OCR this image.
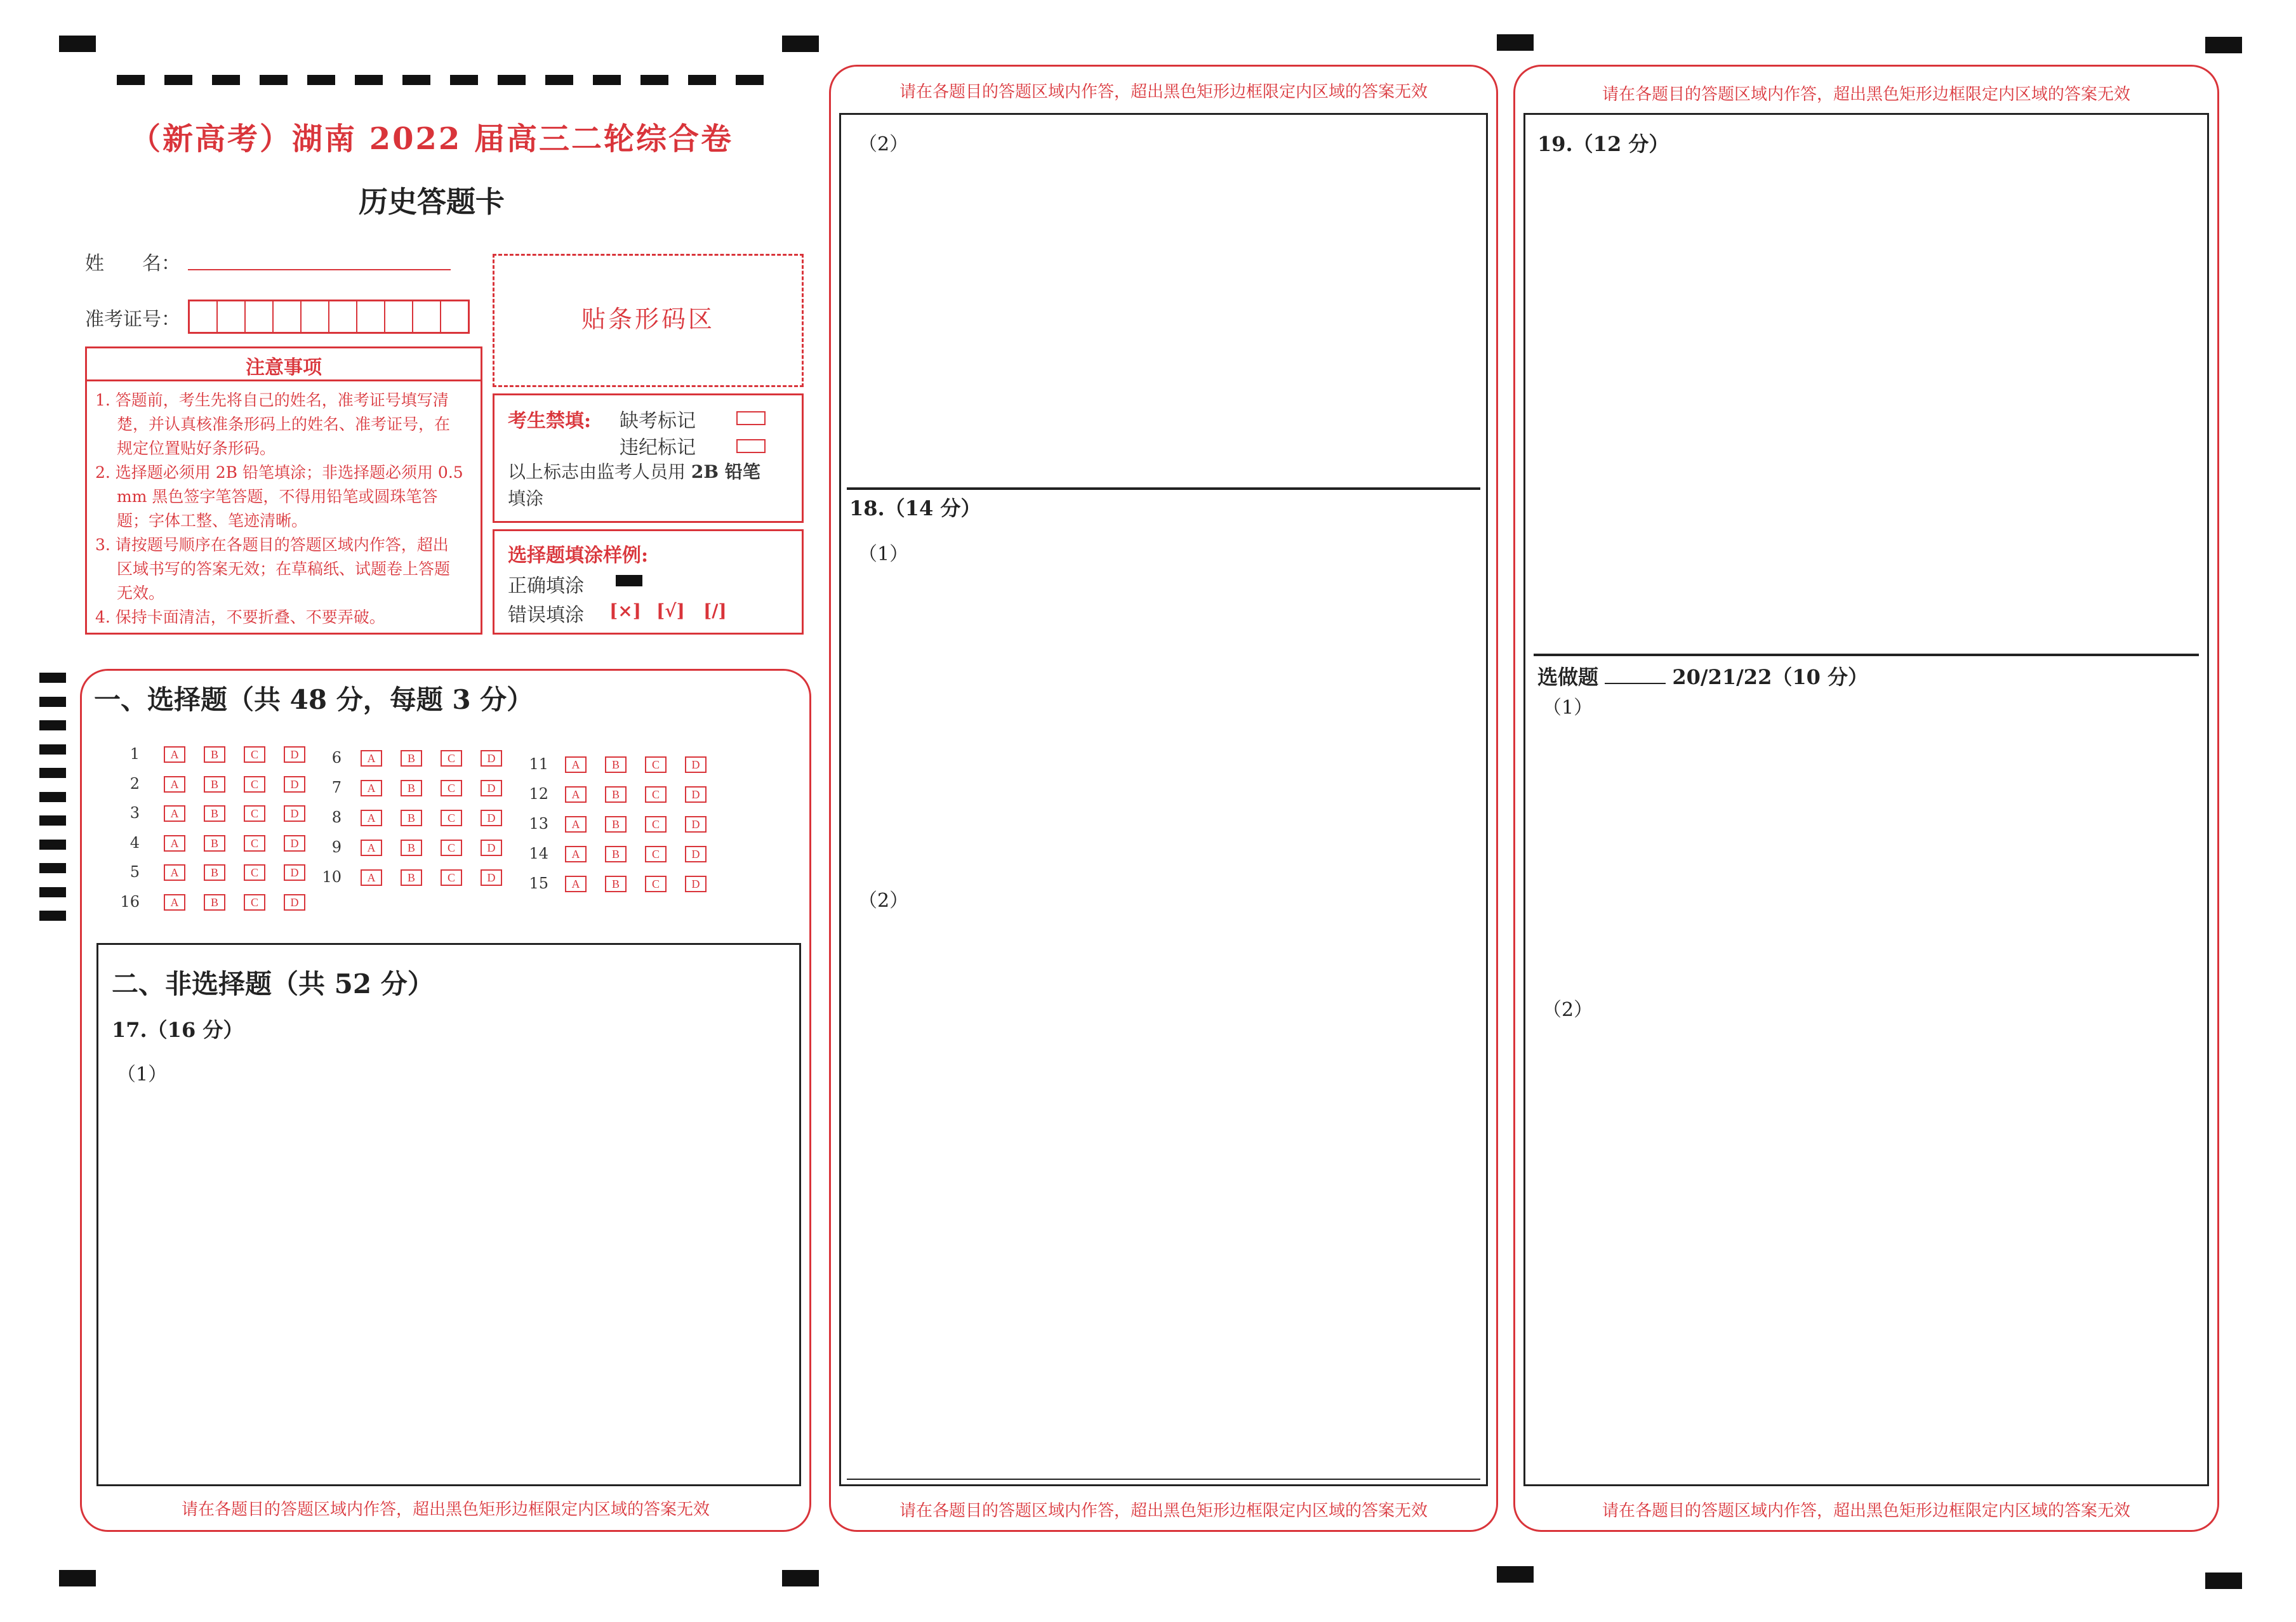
（新高考）湖南 2022 届高三二轮综合卷
历史答题卡
姓　　名：
准考证号：	贴条形码区
注意事项
1. 答题前，考生先将自己的姓名，准考证号填写清
楚，并认真核准条形码上的姓名、准考证号，在
规定位置贴好条形码。
2. 选择题必须用 2B 铅笔填涂；非选择题必须用 0.5
mm 黑色签字笔答题，不得用铅笔或圆珠笔答
题；字体工整、笔迹清晰。
3. 请按题号顺序在各题目的答题区域内作答，超出
区域书写的答案无效；在草稿纸、试题卷上答题
无效。
4. 保持卡面清洁，不要折叠、不要弄破。
考生禁填: 缺考标记
违纪标记
以上标志由监考人员用 2B 铅笔
填涂
选择题填涂样例:
正确填涂
错误填涂 [×] [√] [/]
一、选择题（共 48 分，每题 3 分）
1	A	B	C	D
2	A	B	C	D
3	A	B	C	D
4	A	B	C	D
5	A	B	C	D
16	A	B	C	D
6	A	B	C	D
7	A	B	C	D
8	A	B	C	D
9	A	B	C	D
10	A	B	C	D
11	A	B	C	D
12	A	B	C	D
13	A	B	C	D
14	A	B	C	D
15	A	B	C	D
二、非选择题（共 52 分）
17.（16 分）
（1）
请在各题目的答题区域内作答，超出黑色矩形边框限定内区域的答案无效
请在各题目的答题区域内作答，超出黑色矩形边框限定内区域的答案无效
（2）
18.（14 分）
（1）
（2）
请在各题目的答题区域内作答，超出黑色矩形边框限定内区域的答案无效
请在各题目的答题区域内作答，超出黑色矩形边框限定内区域的答案无效
19.（12 分）
选做题	20/21/22（10 分）
（1）
（2）
请在各题目的答题区域内作答，超出黑色矩形边框限定内区域的答案无效
